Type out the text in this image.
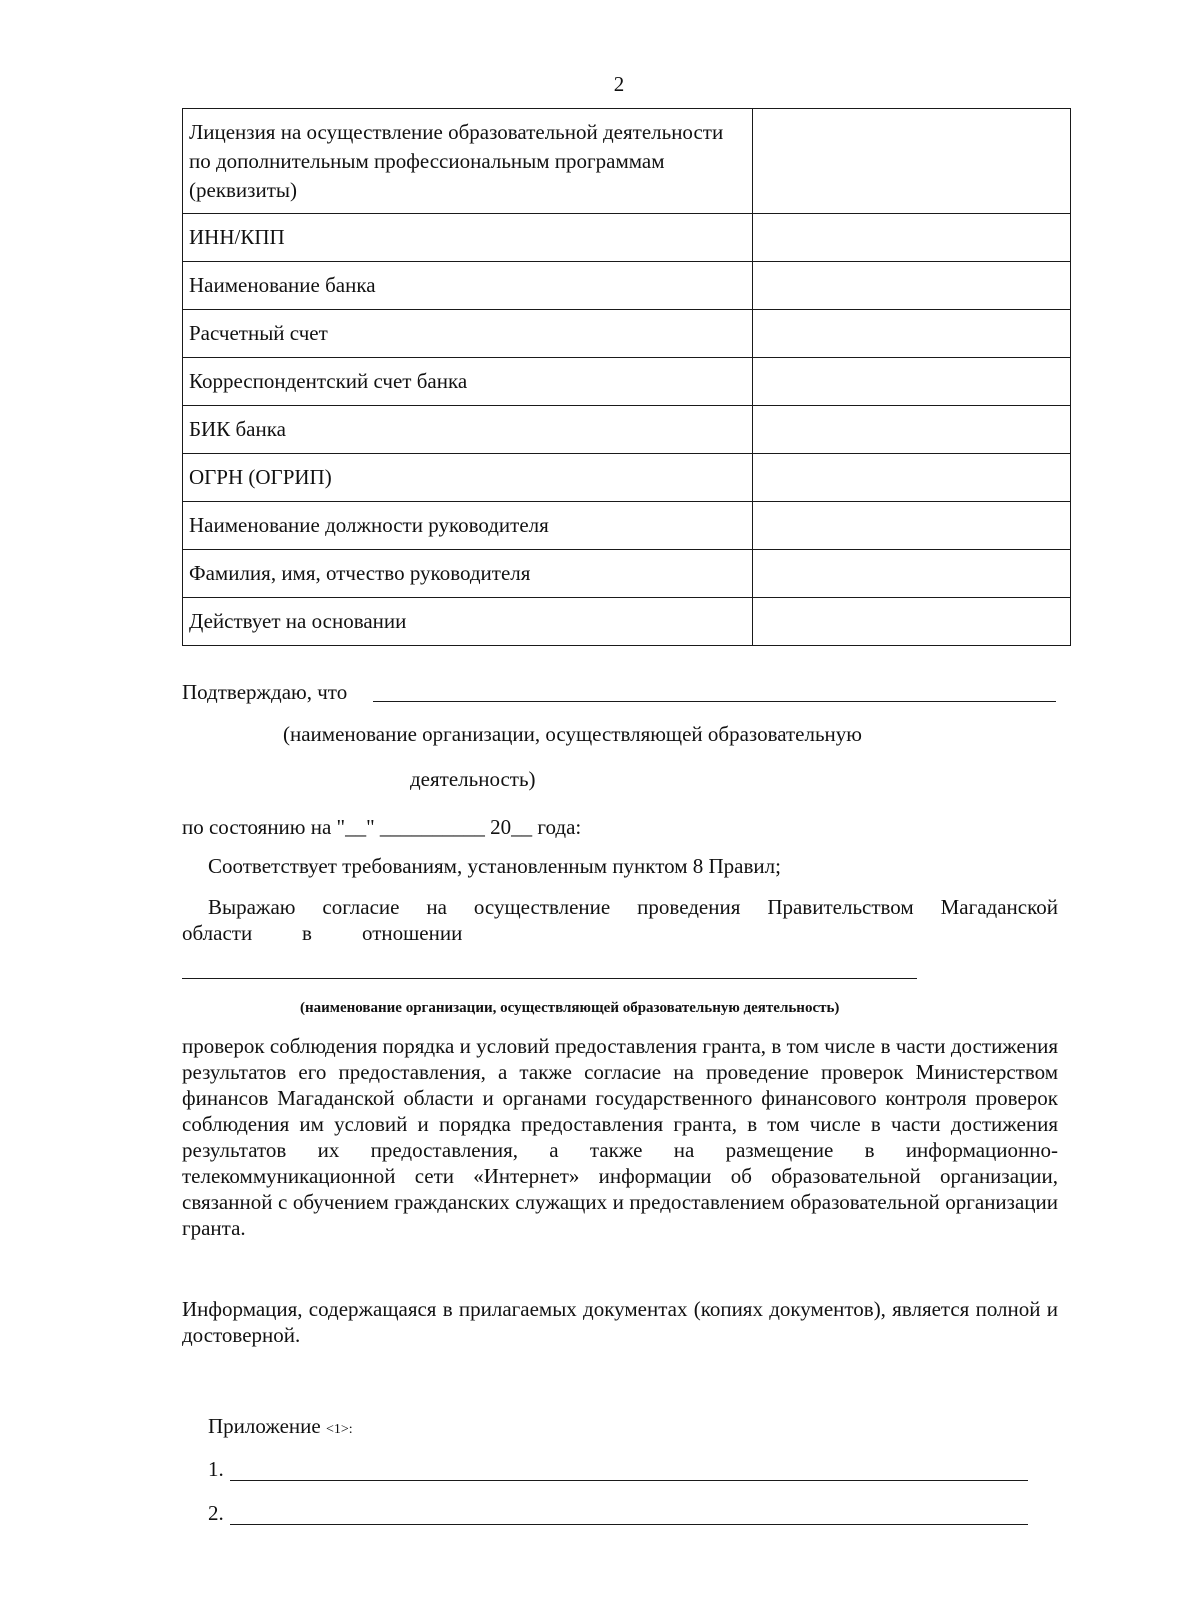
2
Лицензия на осуществление образовательной деятельности по дополнительным профессиональным программам (реквизиты)	
ИНН/КПП	
Наименование банка	
Расчетный счет	
Корреспондентский счет банка	
БИК банка	
ОГРН (ОГРИП)	
Наименование должности руководителя	
Фамилия, имя, отчество руководителя	
Действует на основании	
Подтверждаю, что
(наименование организации, осуществляющей образовательную
деятельность)
по состоянию на "__" __________ 20__ года:
Соответствует требованиям, установленным пунктом 8 Правил;
Выражаю согласие на осуществление проведения Правительством Магаданской
области в отношении
(наименование организации, осуществляющей образовательную деятельность)
проверок соблюдения порядка и условий предоставления гранта, в том числе в части достижения результатов его предоставления, а также согласие на проведение проверок Министерством финансов Магаданской области и органами государственного финансового контроля проверок соблюдения им условий и порядка предоставления гранта, в том числе в части достижения результатов их предоставления, а также на размещение в информационно-телекоммуникационной сети «Интернет» информации об образовательной организации, связанной с обучением гражданских служащих и предоставлением образовательной организации гранта.
Информация, содержащаяся в прилагаемых документах (копиях документов), является полной и достоверной.
Приложение <1>:
1.
2.
